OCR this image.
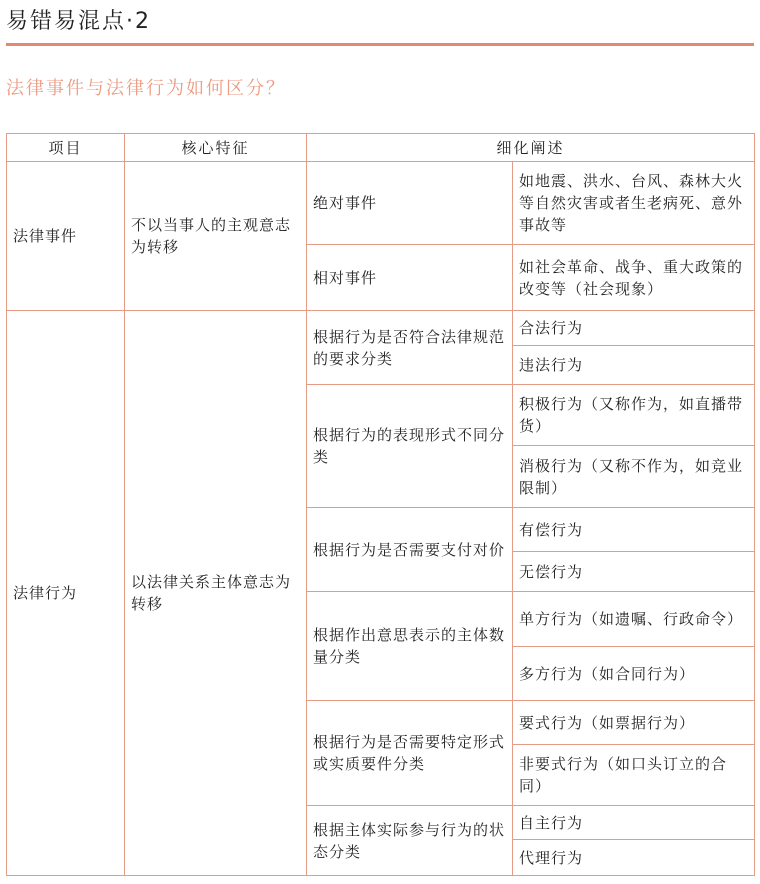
易错易混点·2
法律事件与法律行为如何区分？
项目	核心特征	细化阐述	
法律事件	不以当事人的主观意志为转移	绝对事件	如地震、洪水、台风、森林大火等自然灾害或者生老病死、意外事故等
		相对事件	如社会革命、战争、重大政策的改变等（社会现象）
法律行为	以法律关系主体意志为转移	根据行为是否符合法律规范的要求分类	合法行为
			违法行为
		根据行为的表现形式不同分类	积极行为（又称作为，如直播带货）
			消极行为（又称不作为，如竞业限制）
		根据行为是否需要支付对价	有偿行为
			无偿行为
		根据作出意思表示的主体数量分类	单方行为（如遗嘱、行政命令）
			多方行为（如合同行为）
		根据行为是否需要特定形式或实质要件分类	要式行为（如票据行为）
			非要式行为（如口头订立的合同）
		根据主体实际参与行为的状态分类	自主行为
			代理行为
